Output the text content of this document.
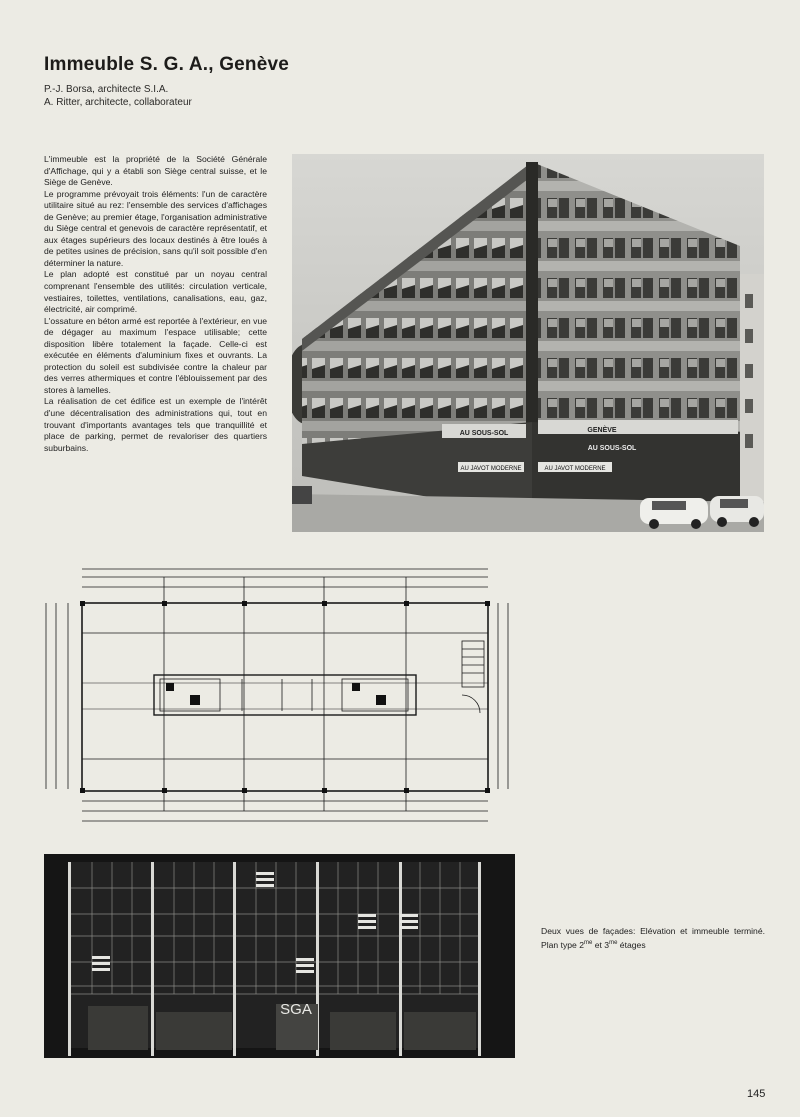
Immeuble S. G. A., Genève
P.-J. Borsa, architecte S.I.A.
A. Ritter, architecte, collaborateur

L'immeuble est la propriété de la Société Générale d'Affichage, qui y a établi son Siège central suisse, et le Siège de Genève.

Le programme prévoyait trois éléments: l'un de caractère utilitaire situé au rez: l'ensemble des services d'affichages de Genève; au premier étage, l'organisation administrative du Siège central et genevois de caractère représentatif, et aux étages supérieurs des locaux destinés à être loués à de petites usines de précision, sans qu'il soit possible d'en déterminer la nature.

Le plan adopté est constitué par un noyau central comprenant l'ensemble des utilités: circulation verticale, vestiaires, toilettes, ventilations, canalisations, eau, gaz, électricité, air comprimé.

L'ossature en béton armé est reportée à l'extérieur, en vue de dégager au maximum l'espace utilisable; cette disposition libère totalement la façade. Celle-ci est exécutée en éléments d'aluminium fixes et ouvrants. La protection du soleil est subdivisée contre la chaleur par des verres athermiques et contre l'éblouissement par des stores à lamelles.

La réalisation de cet édifice est un exemple de l'intérêt d'une décentralisation des administrations qui, tout en trouvant d'importants avantages tels que tranquillité et place de parking, permet de revaloriser des quartiers suburbains.

AU SOUS-SOL
AU SOUS-SOL
GENÈVE
AU JAVOT MODERNE	AU JAVOT MODERNE
SGA
Deux vues de façades: Elévation et immeuble terminé. Plan type $2^{me}$ et $3^{me}$ étages
145
